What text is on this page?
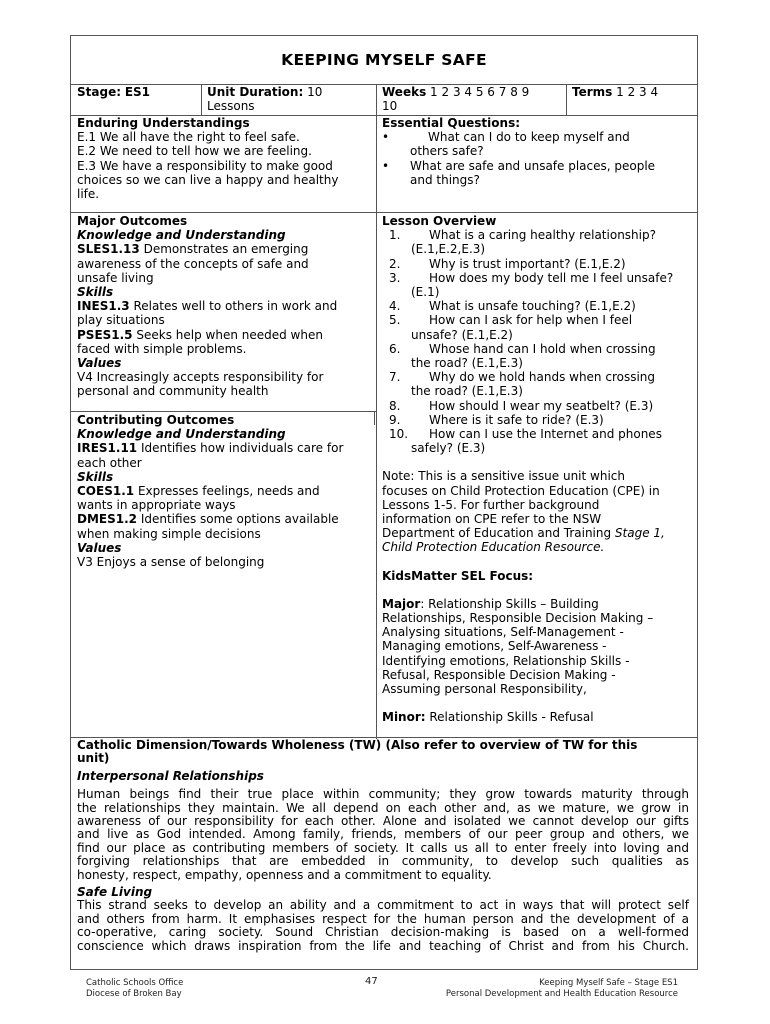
KEEPING MYSELF SAFE
Stage: ES1	Unit Duration: 10
Lessons
Weeks 1 2 3 4 5 6 7 8 9
10
Terms 1 2 3 4
Enduring Understandings
E.1 We all have the right to feel safe.
E.2 We need to tell how we are feeling.
E.3 We have a responsibility to make good
choices so we can live a happy and healthy
life.
Essential Questions:
•	What can I do to keep myself and
others safe?
• What are safe and unsafe places, people
and things?
Major Outcomes
Knowledge and Understanding
SLES1.13 Demonstrates an emerging
awareness of the concepts of safe and
unsafe living
Skills
INES1.3 Relates well to others in work and
play situations
PSES1.5 Seeks help when needed when
faced with simple problems.
Values
V4 Increasingly accepts responsibility for
personal and community health
Contributing Outcomes
Knowledge and Understanding
IRES1.11 Identifies how individuals care for
each other
Skills
COES1.1 Expresses feelings, needs and
wants in appropriate ways
DMES1.2 Identifies some options available
when making simple decisions
Values
V3 Enjoys a sense of belonging
Lesson Overview
1. What is a caring healthy relationship?
(E.1,E.2,E.3)
2. Why is trust important? (E.1,E.2)
3. How does my body tell me I feel unsafe?
(E.1)
4. What is unsafe touching? (E.1,E.2)
5. How can I ask for help when I feel
unsafe? (E.1,E.2)
6. Whose hand can I hold when crossing
the road? (E.1,E.3)
7. Why do we hold hands when crossing
the road? (E.1,E.3)
8. How should I wear my seatbelt? (E.3)
9. Where is it safe to ride? (E.3)
10. How can I use the Internet and phones
safely? (E.3)
Note: This is a sensitive issue unit which
focuses on Child Protection Education (CPE) in
Lessons 1-5. For further background
information on CPE refer to the NSW
Department of Education and Training Stage 1,
Child Protection Education Resource.
KidsMatter SEL Focus:
Major: Relationship Skills – Building
Relationships, Responsible Decision Making –
Analysing situations, Self-Management -
Managing emotions, Self-Awareness -
Identifying emotions, Relationship Skills -
Refusal, Responsible Decision Making -
Assuming personal Responsibility,
Minor: Relationship Skills - Refusal
Catholic Dimension/Towards Wholeness (TW) (Also refer to overview of TW for this
unit)
Interpersonal Relationships
Human beings find their true place within community; they grow towards maturity through
the relationships they maintain. We all depend on each other and, as we mature, we grow in
awareness of our responsibility for each other. Alone and isolated we cannot develop our gifts
and live as God intended. Among family, friends, members of our peer group and others, we
find our place as contributing members of society. It calls us all to enter freely into loving and
forgiving relationships that are embedded in community, to develop such qualities as
honesty, respect, empathy, openness and a commitment to equality.
Safe Living
This strand seeks to develop an ability and a commitment to act in ways that will protect self
and others from harm. It emphasises respect for the human person and the development of a
co-operative, caring society. Sound Christian decision-making is based on a well-formed
conscience which draws inspiration from the life and teaching of Christ and from his Church.
Catholic Schools Office
Diocese of Broken Bay
47	Keeping Myself Safe – Stage ES1
Personal Development and Health Education Resource
